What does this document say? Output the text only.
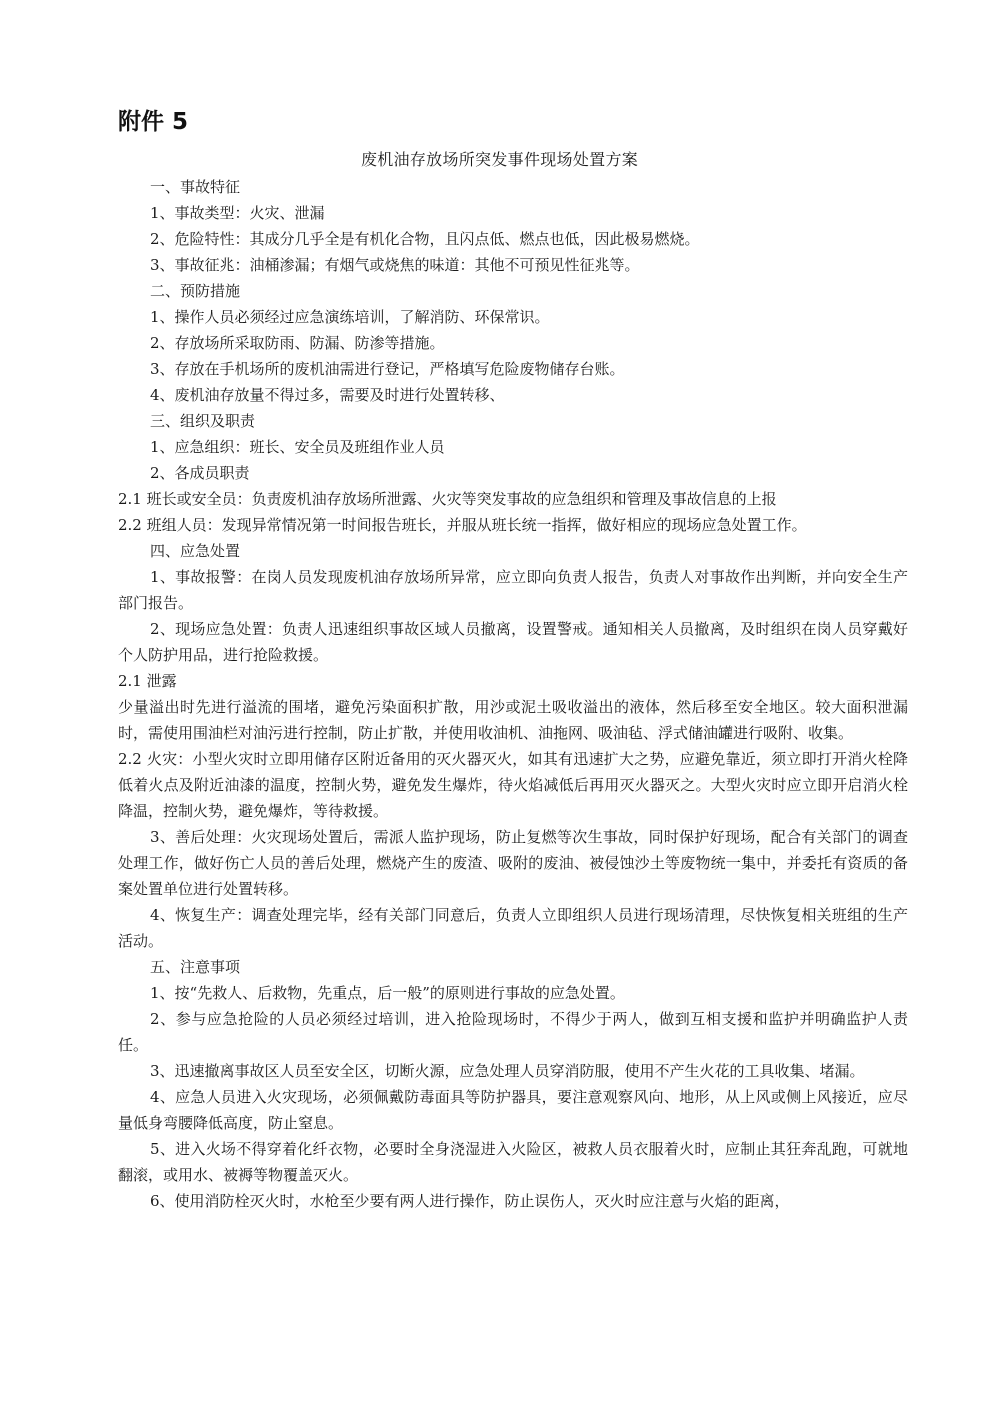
附件 5
废机油存放场所突发事件现场处置方案

一、事故特征

1、事故类型：火灾、泄漏

2、危险特性：其成分几乎全是有机化合物，且闪点低、燃点也低，因此极易燃烧。

3、事故征兆：油桶渗漏；有烟气或烧焦的味道：其他不可预见性征兆等。

二、预防措施

1、操作人员必须经过应急演练培训，了解消防、环保常识。

2、存放场所采取防雨、防漏、防渗等措施。

3、存放在手机场所的废机油需进行登记，严格填写危险废物储存台账。

4、废机油存放量不得过多，需要及时进行处置转移、

三、组织及职责

1、应急组织：班长、安全员及班组作业人员

2、各成员职责

2.1 班长或安全员：负责废机油存放场所泄露、火灾等突发事故的应急组织和管理及事故信息的上报

2.2 班组人员：发现异常情况第一时间报告班长，并服从班长统一指挥，做好相应的现场应急处置工作。

四、应急处置

1、事故报警：在岗人员发现废机油存放场所异常，应立即向负责人报告，负责人对事故作出判断，并向安全生产部门报告。

2、现场应急处置：负责人迅速组织事故区域人员撤离，设置警戒。通知相关人员撤离，及时组织在岗人员穿戴好个人防护用品，进行抢险救援。

2.1 泄露

少量溢出时先进行溢流的围堵，避免污染面积扩散，用沙或泥土吸收溢出的液体，然后移至安全地区。较大面积泄漏时，需使用围油栏对油污进行控制，防止扩散，并使用收油机、油拖网、吸油毡、浮式储油罐进行吸附、收集。

2.2 火灾：小型火灾时立即用储存区附近备用的灭火器灭火，如其有迅速扩大之势，应避免靠近，须立即打开消火栓降低着火点及附近油漆的温度，控制火势，避免发生爆炸，待火焰减低后再用灭火器灭之。大型火灾时应立即开启消火栓降温，控制火势，避免爆炸，等待救援。

3、善后处理：火灾现场处置后，需派人监护现场，防止复燃等次生事故，同时保护好现场，配合有关部门的调查处理工作，做好伤亡人员的善后处理，燃烧产生的废渣、吸附的废油、被侵蚀沙土等废物统一集中，并委托有资质的备案处置单位进行处置转移。

4、恢复生产：调查处理完毕，经有关部门同意后，负责人立即组织人员进行现场清理，尽快恢复相关班组的生产活动。

五、注意事项

1、按“先救人、后救物，先重点，后一般”的原则进行事故的应急处置。

2、参与应急抢险的人员必须经过培训，进入抢险现场时，不得少于两人，做到互相支援和监护并明确监护人责任。

3、迅速撤离事故区人员至安全区，切断火源，应急处理人员穿消防服，使用不产生火花的工具收集、堵漏。

4、应急人员进入火灾现场，必须佩戴防毒面具等防护器具，要注意观察风向、地形，从上风或侧上风接近，应尽量低身弯腰降低高度，防止窒息。

5、进入火场不得穿着化纤衣物，必要时全身浇湿进入火险区，被救人员衣服着火时，应制止其狂奔乱跑，可就地翻滚，或用水、被褥等物覆盖灭火。

6、使用消防栓灭火时，水枪至少要有两人进行操作，防止误伤人，灭火时应注意与火焰的距离，
